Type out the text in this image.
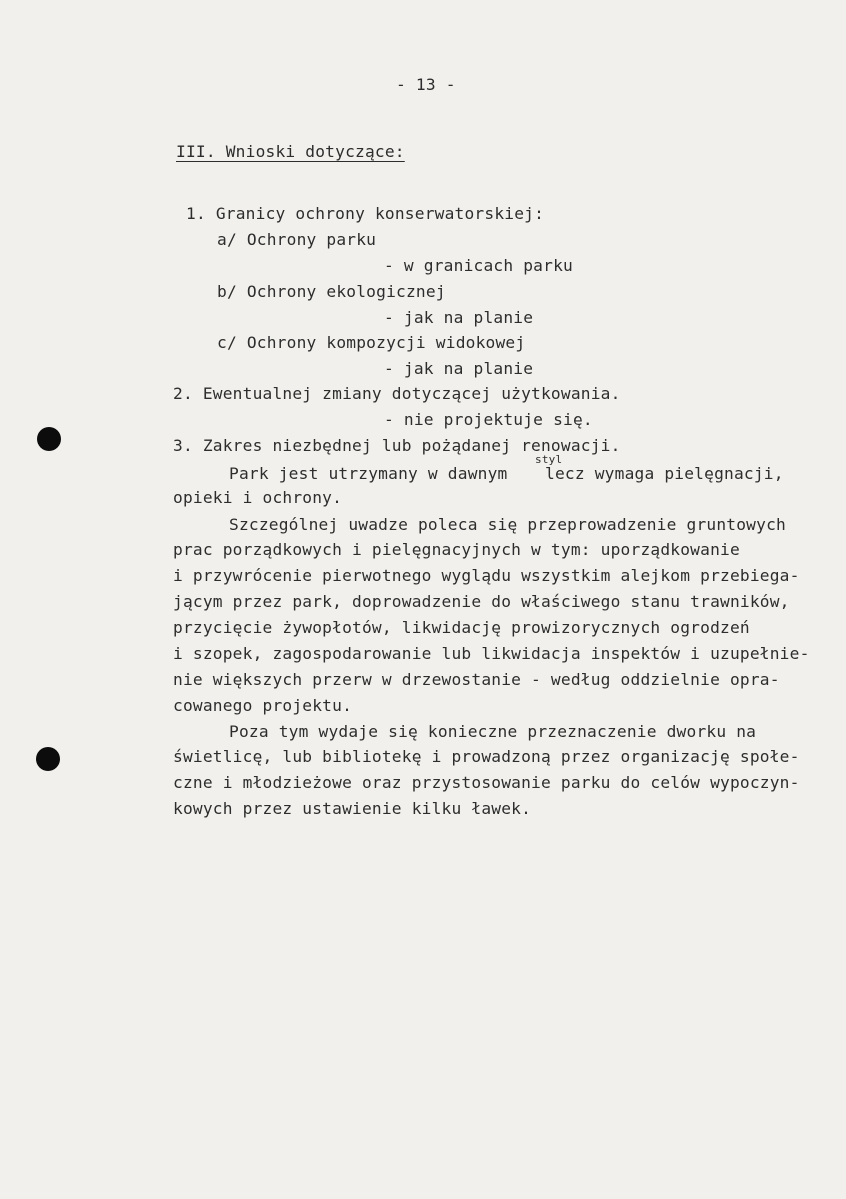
- 13 -
III. Wnioski dotyczące:
1. Granicy ochrony konserwatorskiej:
a/ Ochrony parku
- w granicach parku
b/ Ochrony ekologicznej
- jak na planie
c/ Ochrony kompozycji widokowej
- jak na planie
2. Ewentualnej zmiany dotyczącej użytkowania.
- nie projektuje się.
3. Zakres niezbędnej lub pożądanej renowacji.
Park jest utrzymany w dawnym
styl
lecz wymaga pielęgnacji,
opieki i ochrony.
Szczególnej uwadze poleca się przeprowadzenie gruntowych
prac porządkowych i pielęgnacyjnych w tym: uporządkowanie
i przywrócenie pierwotnego wyglądu wszystkim alejkom przebiega-
jącym przez park, doprowadzenie do właściwego stanu trawników,
przycięcie żywopłotów, likwidację prowizorycznych ogrodzeń
i szopek, zagospodarowanie lub likwidacja inspektów i uzupełnie-
nie większych przerw w drzewostanie - według oddzielnie opra-
cowanego projektu.
Poza tym wydaje się konieczne przeznaczenie dworku na
świetlicę, lub bibliotekę i prowadzoną przez organizację społe-
czne i młodzieżowe oraz przystosowanie parku do celów wypoczyn-
kowych przez ustawienie kilku ławek.
